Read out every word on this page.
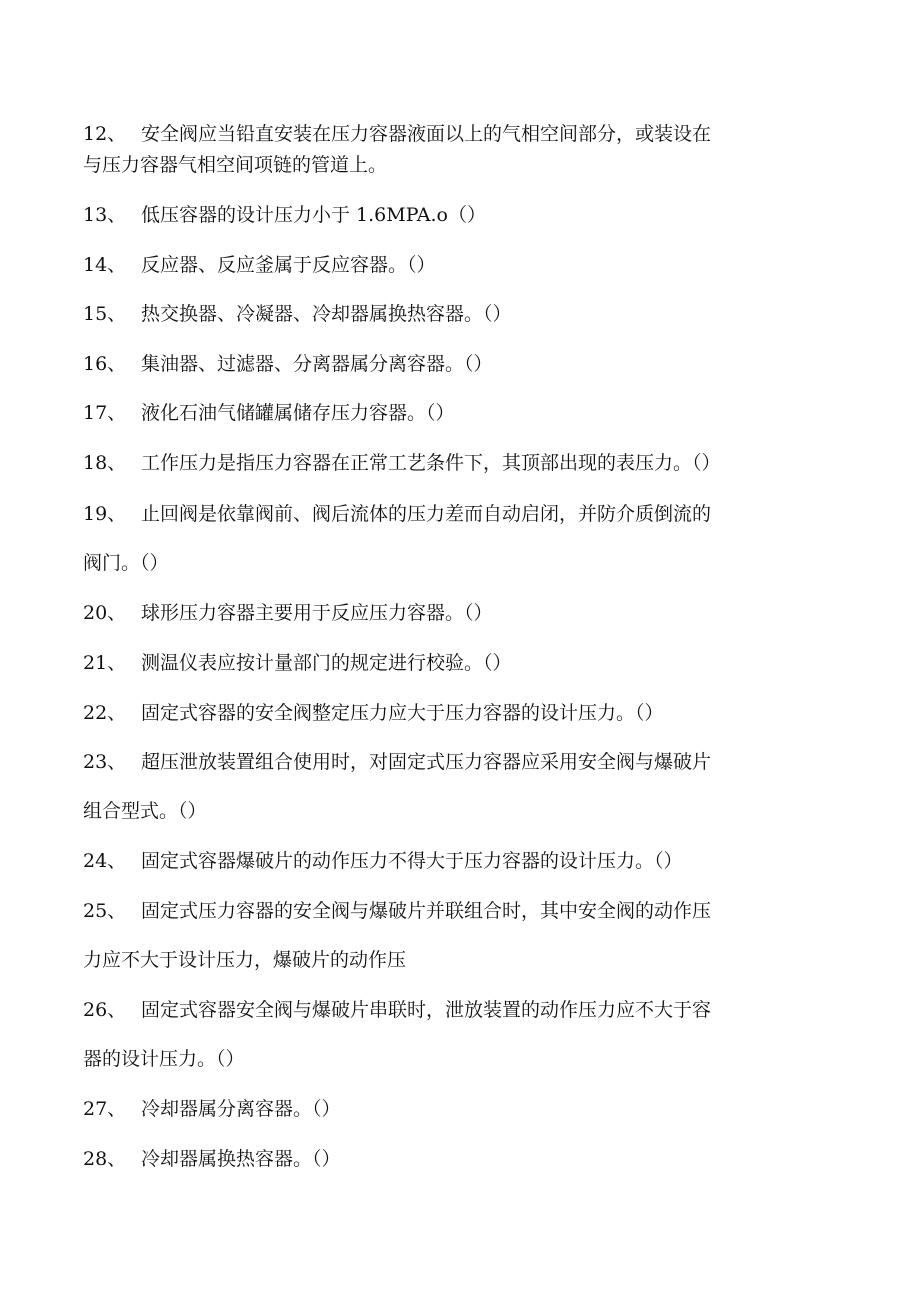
12、 安全阀应当铅直安装在压力容器液面以上的气相空间部分，或装设在
与压力容器气相空间项链的管道上。
13、 低压容器的设计压力小于 1.6MPA.o（）
14、 反应器、反应釜属于反应容器。（）
15、 热交换器、冷凝器、冷却器属换热容器。（）
16、 集油器、过滤器、分离器属分离容器。（）
17、 液化石油气储罐属储存压力容器。（）
18、 工作压力是指压力容器在正常工艺条件下，其顶部出现的表压力。（）
19、 止回阀是依靠阀前、阀后流体的压力差而自动启闭，并防介质倒流的
阀门。（）
20、 球形压力容器主要用于反应压力容器。（）
21、 测温仪表应按计量部门的规定进行校验。（）
22、 固定式容器的安全阀整定压力应大于压力容器的设计压力。（）
23、 超压泄放装置组合使用时，对固定式压力容器应采用安全阀与爆破片
组合型式。（）
24、 固定式容器爆破片的动作压力不得大于压力容器的设计压力。（）
25、 固定式压力容器的安全阀与爆破片并联组合时，其中安全阀的动作压
力应不大于设计压力，爆破片的动作压
26、 固定式容器安全阀与爆破片串联时，泄放装置的动作压力应不大于容
器的设计压力。（）
27、 冷却器属分离容器。（）
28、 冷却器属换热容器。（）
